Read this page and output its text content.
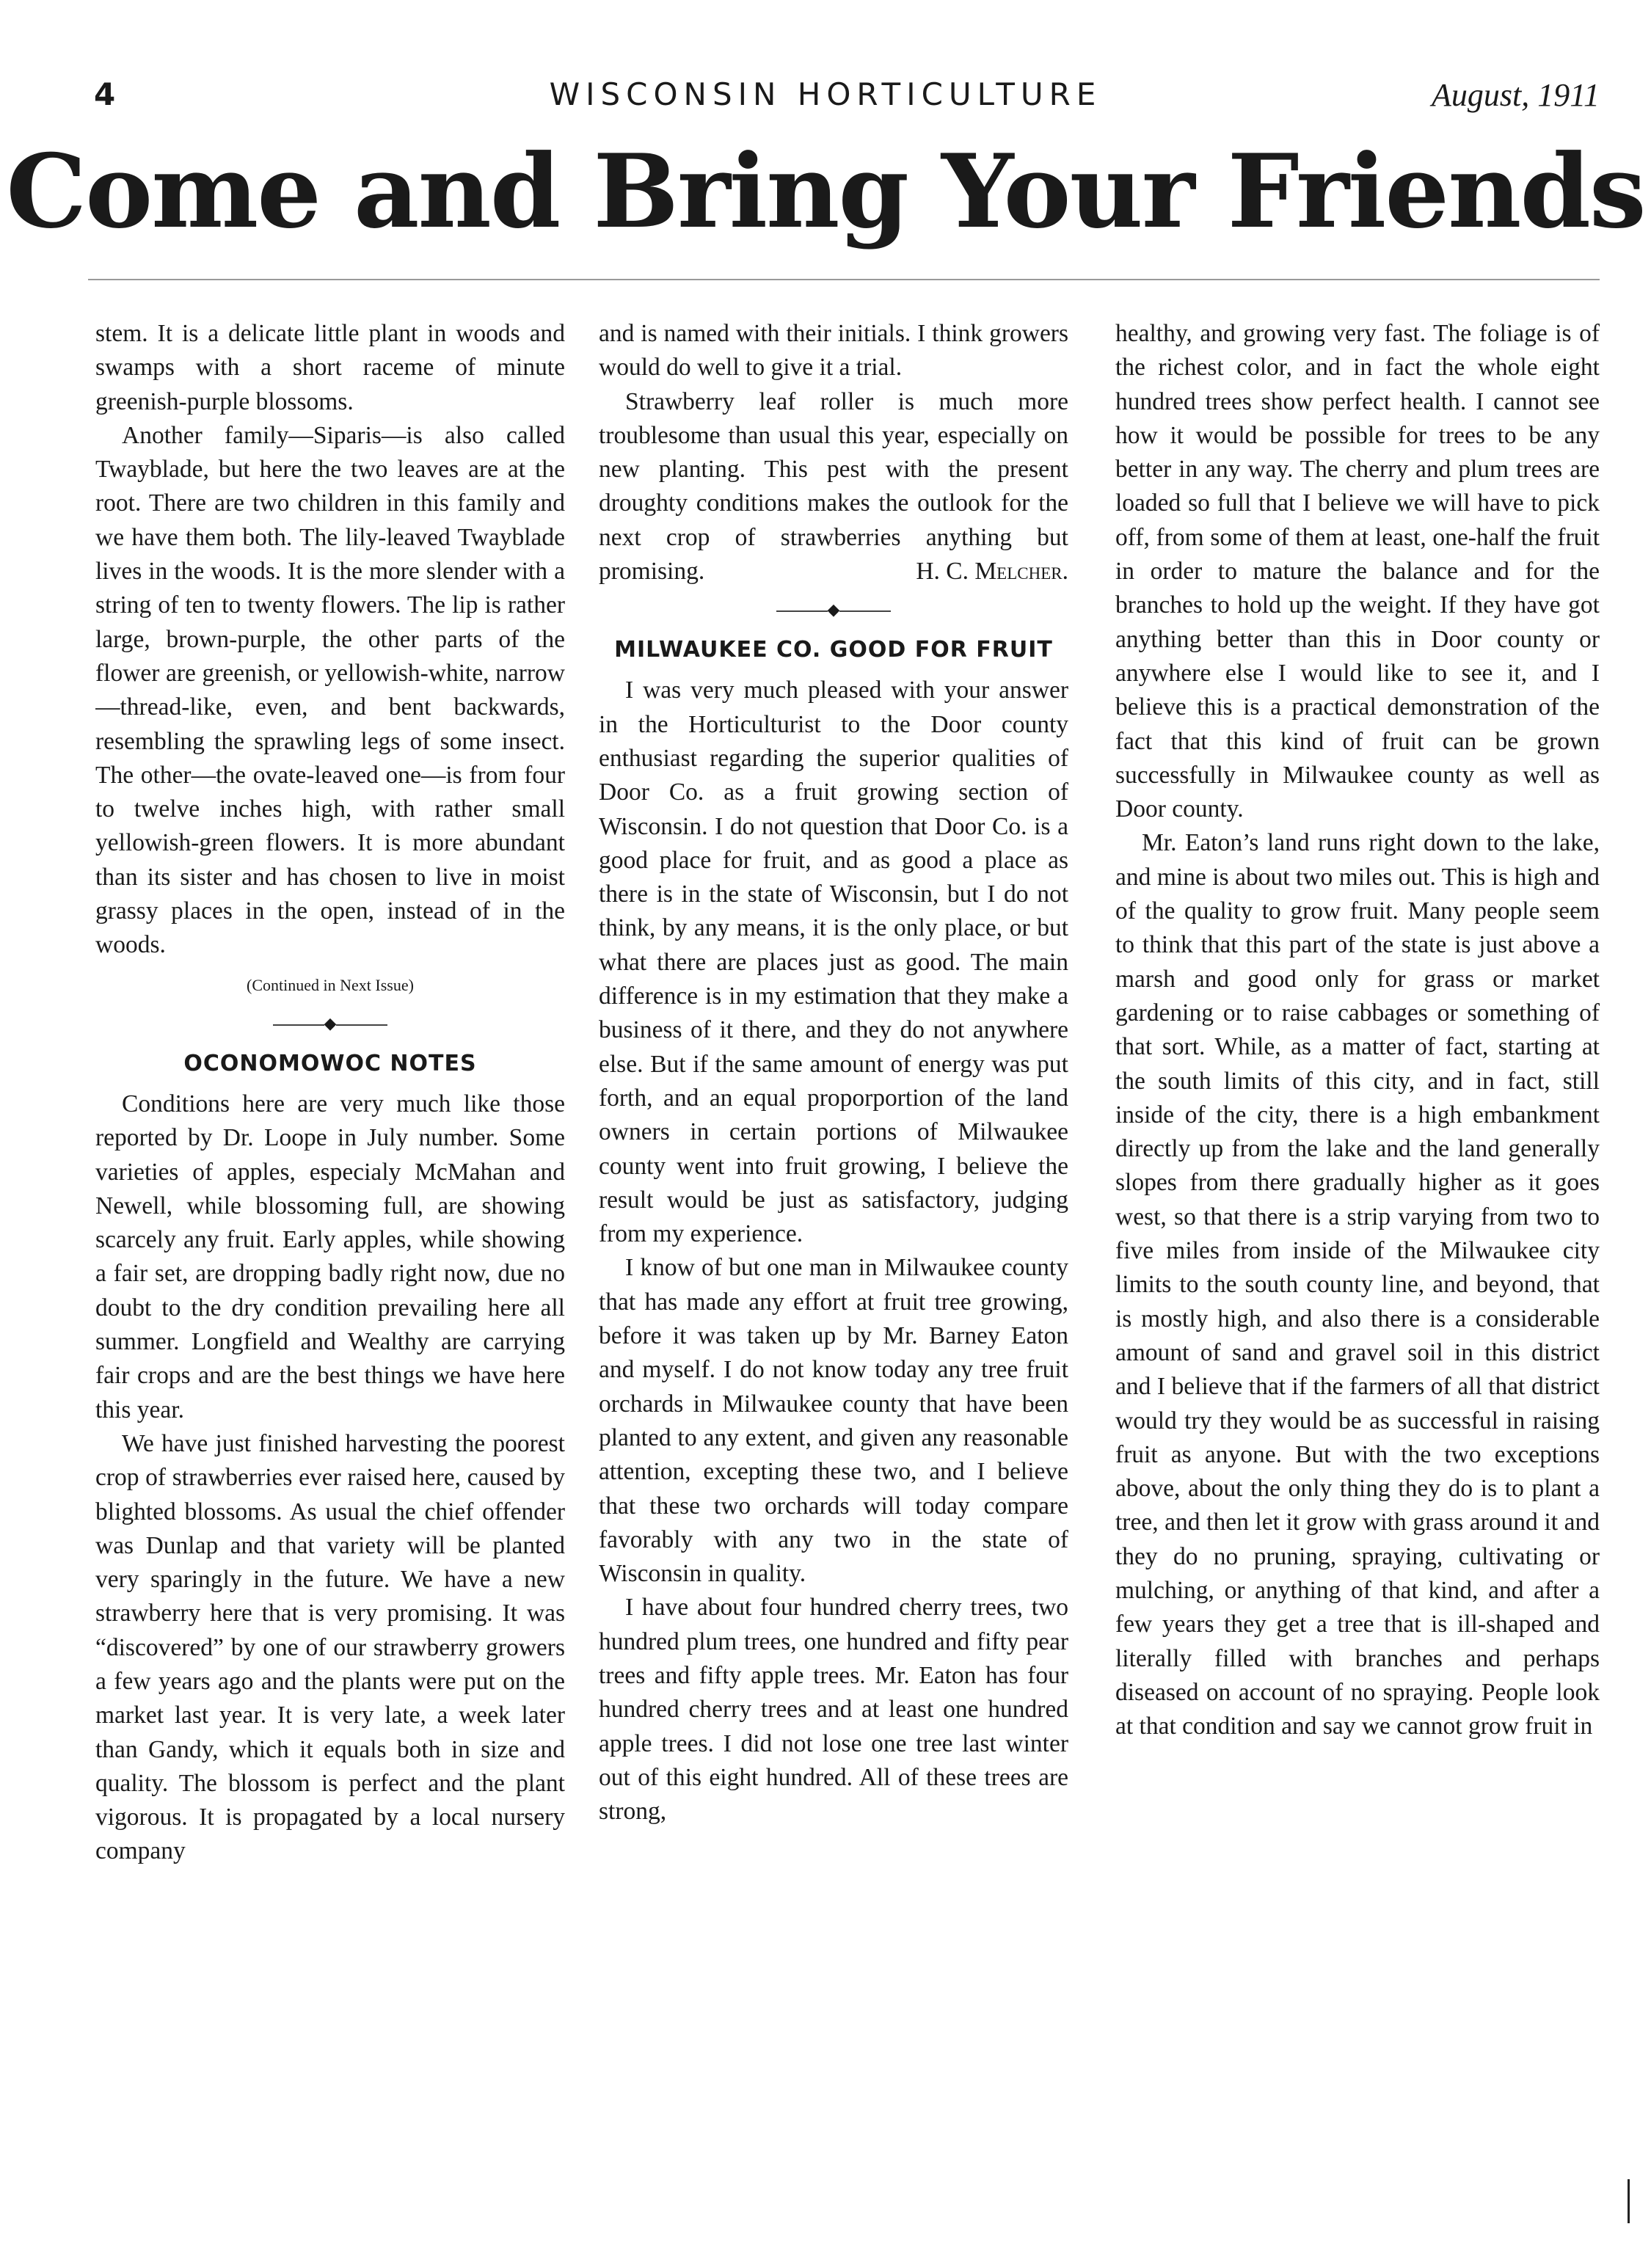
4	WISCONSIN HORTICULTURE	August, 1911
Come and Bring Your Friends

stem. It is a delicate little plant in woods and swamps with a short raceme of minute greenish-purple blossoms.

Another family—Siparis—is also called Twayblade, but here the two leaves are at the root. There are two children in this family and we have them both. The lily-leaved Twayblade lives in the woods. It is the more slender with a string of ten to twenty flowers. The lip is rather large, brown-purple, the other parts of the flower are greenish, or yellowish-white, narrow—thread-like, even, and bent backwards, resembling the sprawling legs of some insect. The other—the ovate-leaved one—is from four to twelve inches high, with rather small yellowish-green flowers. It is more abundant than its sister and has chosen to live in moist grassy places in the open, instead of in the woods.

(Continued in Next Issue)
◆
OCONOMOWOC NOTES

Conditions here are very much like those reported by Dr. Loope in July number. Some varieties of apples, especialy McMahan and Newell, while blossoming full, are showing scarcely any fruit. Early apples, while showing a fair set, are dropping badly right now, due no doubt to the dry condition prevailing here all summer. Longfield and Wealthy are carrying fair crops and are the best things we have here this year.

We have just finished harvesting the poorest crop of strawberries ever raised here, caused by blighted blossoms. As usual the chief offender was Dunlap and that variety will be planted very sparingly in the future. We have a new strawberry here that is very promising. It was “discovered” by one of our strawberry growers a few years ago and the plants were put on the market last year. It is very late, a week later than Gandy, which it equals both in size and quality. The blossom is perfect and the plant vigorous. It is propagated by a local nursery company

and is named with their initials. I think growers would do well to give it a trial.

Strawberry leaf roller is much more troublesome than usual this year, especially on new planting. This pest with the present droughty conditions makes the outlook for the next crop of strawberries anything but promising.	H. C. Melcher.

◆
MILWAUKEE CO. GOOD FOR FRUIT

I was very much pleased with your answer in the Horticulturist to the Door county enthusiast regarding the superior qualities of Door Co. as a fruit growing section of Wisconsin. I do not question that Door Co. is a good place for fruit, and as good a place as there is in the state of Wisconsin, but I do not think, by any means, it is the only place, or but what there are places just as good. The main difference is in my estimation that they make a business of it there, and they do not anywhere else. But if the same amount of energy was put forth, and an equal proporportion of the land owners in certain portions of Milwaukee county went into fruit growing, I believe the result would be just as satisfactory, judging from my experience.

I know of but one man in Milwaukee county that has made any effort at fruit tree growing, before it was taken up by Mr. Barney Eaton and myself. I do not know today any tree fruit orchards in Milwaukee county that have been planted to any extent, and given any reasonable attention, excepting these two, and I believe that these two orchards will today compare favorably with any two in the state of Wisconsin in quality.

I have about four hundred cherry trees, two hundred plum trees, one hundred and fifty pear trees and fifty apple trees. Mr. Eaton has four hundred cherry trees and at least one hundred apple trees. I did not lose one tree last winter out of this eight hundred. All of these trees are strong,

healthy, and growing very fast. The foliage is of the richest color, and in fact the whole eight hundred trees show perfect health. I cannot see how it would be possible for trees to be any better in any way. The cherry and plum trees are loaded so full that I believe we will have to pick off, from some of them at least, one-half the fruit in order to mature the balance and for the branches to hold up the weight. If they have got anything better than this in Door county or anywhere else I would like to see it, and I believe this is a practical demonstration of the fact that this kind of fruit can be grown successfully in Milwaukee county as well as Door county.

Mr. Eaton’s land runs right down to the lake, and mine is about two miles out. This is high and of the quality to grow fruit. Many people seem to think that this part of the state is just above a marsh and good only for grass or market gardening or to raise cabbages or something of that sort. While, as a matter of fact, starting at the south limits of this city, and in fact, still inside of the city, there is a high embankment directly up from the lake and the land generally slopes from there gradually higher as it goes west, so that there is a strip varying from two to five miles from inside of the Milwaukee city limits to the south county line, and beyond, that is mostly high, and also there is a considerable amount of sand and gravel soil in this district and I believe that if the farmers of all that district would try they would be as successful in raising fruit as anyone. But with the two exceptions above, about the only thing they do is to plant a tree, and then let it grow with grass around it and they do no pruning, spraying, cultivating or mulching, or anything of that kind, and after a few years they get a tree that is ill-shaped and literally filled with branches and perhaps diseased on account of no spraying. People look at that condition and say we cannot grow fruit in
